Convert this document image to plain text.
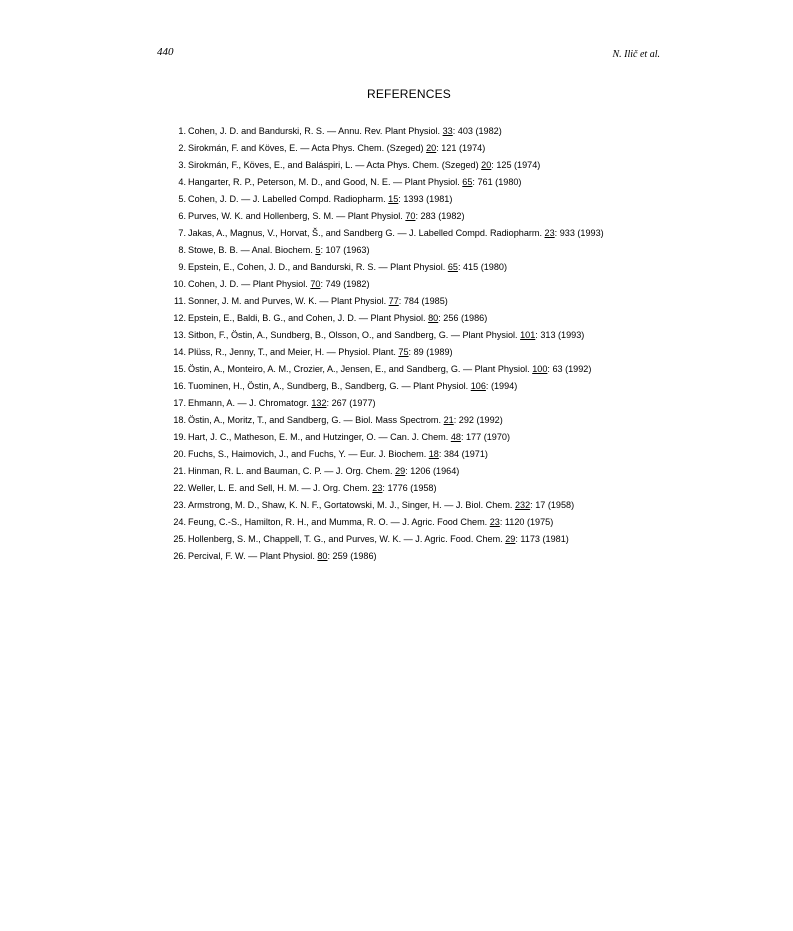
440	N. Ilič et al.
REFERENCES
1. Cohen, J. D. and Bandurski, R. S. — Annu. Rev. Plant Physiol. 33: 403 (1982)
2. Sirokmán, F. and Köves, E. — Acta Phys. Chem. (Szeged) 20: 121 (1974)
3. Sirokmán, F., Köves, E., and Baláspiri, L. — Acta Phys. Chem. (Szeged) 20: 125 (1974)
4. Hangarter, R. P., Peterson, M. D., and Good, N. E. — Plant Physiol. 65: 761 (1980)
5. Cohen, J. D. — J. Labelled Compd. Radiopharm. 15: 1393 (1981)
6. Purves, W. K. and Hollenberg, S. M. — Plant Physiol. 70: 283 (1982)
7. Jakas, A., Magnus, V., Horvat, Š., and Sandberg G. — J. Labelled Compd. Radiopharm. 23: 933 (1993)
8. Stowe, B. B. — Anal. Biochem. 5: 107 (1963)
9. Epstein, E., Cohen, J. D., and Bandurski, R. S. — Plant Physiol. 65: 415 (1980)
10. Cohen, J. D. — Plant Physiol. 70: 749 (1982)
11. Sonner, J. M. and Purves, W. K. — Plant Physiol. 77: 784 (1985)
12. Epstein, E., Baldi, B. G., and Cohen, J. D. — Plant Physiol. 80: 256 (1986)
13. Sitbon, F., Östin, A., Sundberg, B., Olsson, O., and Sandberg, G. — Plant Physiol. 101: 313 (1993)
14. Plüss, R., Jenny, T., and Meier, H. — Physiol. Plant. 75: 89 (1989)
15. Östin, A., Monteiro, A. M., Crozier, A., Jensen, E., and Sandberg, G. — Plant Physiol. 100: 63 (1992)
16. Tuominen, H., Östin, A., Sundberg, B., Sandberg, G. — Plant Physiol. 106: (1994)
17. Ehmann, A. — J. Chromatogr. 132: 267 (1977)
18. Östin, A., Moritz, T., and Sandberg, G. — Biol. Mass Spectrom. 21: 292 (1992)
19. Hart, J. C., Matheson, E. M., and Hutzinger, O. — Can. J. Chem. 48: 177 (1970)
20. Fuchs, S., Haimovich, J., and Fuchs, Y. — Eur. J. Biochem. 18: 384 (1971)
21. Hinman, R. L. and Bauman, C. P. — J. Org. Chem. 29: 1206 (1964)
22. Weller, L. E. and Sell, H. M. — J. Org. Chem. 23: 1776 (1958)
23. Armstrong, M. D., Shaw, K. N. F., Gortatowski, M. J., Singer, H. — J. Biol. Chem. 232: 17 (1958)
24. Feung, C.-S., Hamilton, R. H., and Mumma, R. O. — J. Agric. Food Chem. 23: 1120 (1975)
25. Hollenberg, S. M., Chappell, T. G., and Purves, W. K. — J. Agric. Food. Chem. 29: 1173 (1981)
26. Percival, F. W. — Plant Physiol. 80: 259 (1986)
